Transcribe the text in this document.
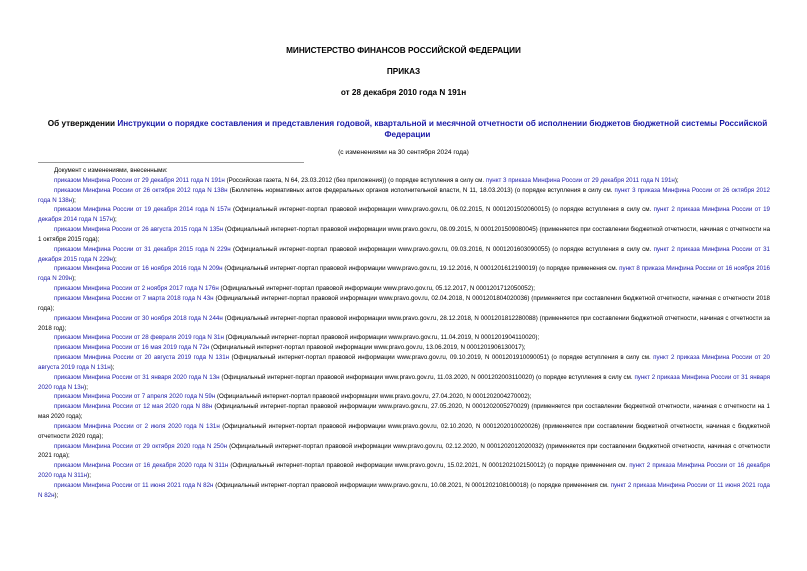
МИНИСТЕРСТВО ФИНАНСОВ РОССИЙСКОЙ ФЕДЕРАЦИИ
ПРИКАЗ
от 28 декабря 2010 года N 191н
Об утверждении Инструкции о порядке составления и представления годовой, квартальной и месячной отчетности об исполнении бюджетов бюджетной системы Российской Федерации
(с изменениями на 30 сентября 2024 года)

Документ с изменениями, внесенными:

приказом Минфина России от 29 декабря 2011 года N 191н (Российская газета, N 64, 23.03.2012 (без приложения)) (о порядке вступления в силу см. пункт 3 приказа Минфина России от 29 декабря 2011 года N 191н);

приказом Минфина России от 26 октября 2012 года N 138н (Бюллетень нормативных актов федеральных органов исполнительной власти, N 11, 18.03.2013) (о порядке вступления в силу см. пункт 3 приказа Минфина России от 26 октября 2012 года N 138н);

приказом Минфина России от 19 декабря 2014 года N 157н (Официальный интернет-портал правовой информации www.pravo.gov.ru, 06.02.2015, N 0001201502060015) (о порядке вступления в силу см. пункт 2 приказа Минфина России от 19 декабря 2014 года N 157н);

приказом Минфина России от 26 августа 2015 года N 135н (Официальный интернет-портал правовой информации www.pravo.gov.ru, 08.09.2015, N 0001201509080045) (применяется при составлении бюджетной отчетности, начиная с отчетности на 1 октября 2015 года);

приказом Минфина России от 31 декабря 2015 года N 229н (Официальный интернет-портал правовой информации www.pravo.gov.ru, 09.03.2016, N 0001201603090055) (о порядке вступления в силу см. пункт 2 приказа Минфина России от 31 декабря 2015 года N 229н);

приказом Минфина России от 16 ноября 2016 года N 209н (Официальный интернет-портал правовой информации www.pravo.gov.ru, 19.12.2016, N 0001201612190019) (о порядке применения см. пункт 8 приказа Минфина России от 16 ноября 2016 года N 209н);

приказом Минфина России от 2 ноября 2017 года N 176н (Официальный интернет-портал правовой информации www.pravo.gov.ru, 05.12.2017, N 0001201712050052);

приказом Минфина России от 7 марта 2018 года N 43н (Официальный интернет-портал правовой информации www.pravo.gov.ru, 02.04.2018, N 0001201804020036) (применяется при составлении бюджетной отчетности, начиная с отчетности 2018 года);

приказом Минфина России от 30 ноября 2018 года N 244н (Официальный интернет-портал правовой информации www.pravo.gov.ru, 28.12.2018, N 0001201812280088) (применяется при составлении бюджетной отчетности, начиная с отчетности за 2018 год);

приказом Минфина России от 28 февраля 2019 года N 31н (Официальный интернет-портал правовой информации www.pravo.gov.ru, 11.04.2019, N 0001201904110020);

приказом Минфина России от 16 мая 2019 года N 72н (Официальный интернет-портал правовой информации www.pravo.gov.ru, 13.06.2019, N 0001201906130017);

приказом Минфина России от 20 августа 2019 года N 131н (Официальный интернет-портал правовой информации www.pravo.gov.ru, 09.10.2019, N 0001201910090051) (о порядке вступления в силу см. пункт 2 приказа Минфина России от 20 августа 2019 года N 131н);

приказом Минфина России от 31 января 2020 года N 13н (Официальный интернет-портал правовой информации www.pravo.gov.ru, 11.03.2020, N 0001202003110020) (о порядке вступления в силу см. пункт 2 приказа Минфина России от 31 января 2020 года N 13н);

приказом Минфина России от 7 апреля 2020 года N 59н (Официальный интернет-портал правовой информации www.pravo.gov.ru, 27.04.2020, N 0001202004270002);

приказом Минфина России от 12 мая 2020 года N 88н (Официальный интернет-портал правовой информации www.pravo.gov.ru, 27.05.2020, N 0001202005270029) (применяется при составлении бюджетной отчетности, начиная с отчетности на 1 мая 2020 года);

приказом Минфина России от 2 июля 2020 года N 131н (Официальный интернет-портал правовой информации www.pravo.gov.ru, 02.10.2020, N 0001202010020026) (применяется при составлении бюджетной отчетности, начиная с бюджетной отчетности 2020 года);

приказом Минфина России от 29 октября 2020 года N 250н (Официальный интернет-портал правовой информации www.pravo.gov.ru, 02.12.2020, N 0001202012020032) (применяется при составлении бюджетной отчетности, начиная с отчетности 2021 года);

приказом Минфина России от 16 декабря 2020 года N 311н (Официальный интернет-портал правовой информации www.pravo.gov.ru, 15.02.2021, N 0001202102150012) (о порядке применения см. пункт 2 приказа Минфина России от 16 декабря 2020 года N 311н);

приказом Минфина России от 11 июня 2021 года N 82н (Официальный интернет-портал правовой информации www.pravo.gov.ru, 10.08.2021, N 0001202108100018) (о порядке применения см. пункт 2 приказа Минфина России от 11 июня 2021 года N 82н);
